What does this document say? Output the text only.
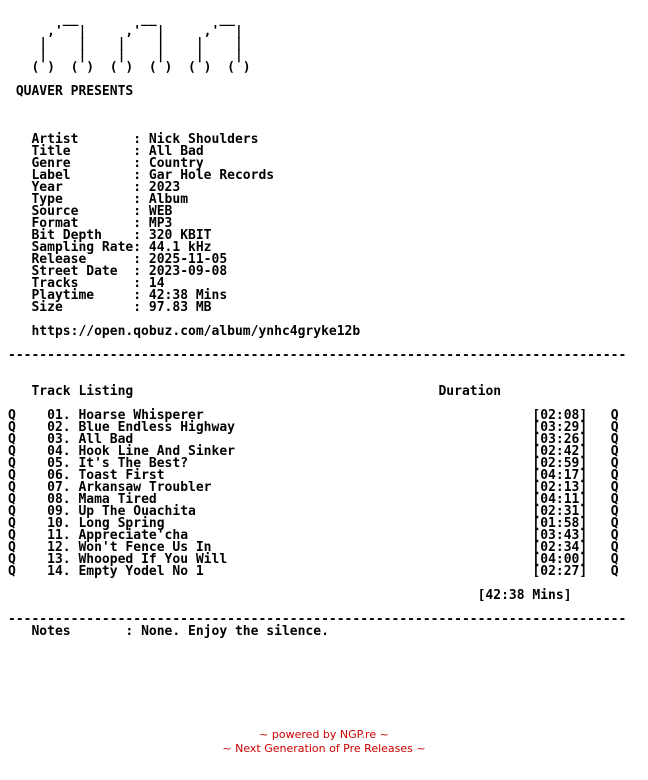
__        __        __
,'  |     ,'  |     ,'  |
|    |    |    |    |    |
|    |    |    |    |    |
( )  ( )  ( )  ( )  ( )  ( )

QUAVER PRESENTS

Artist       : Nick Shoulders
Title        : All Bad
Genre        : Country
Label        : Gar Hole Records
Year         : 2023
Type         : Album
Source       : WEB
Format       : MP3
Bit Depth    : 320 KBIT
Sampling Rate: 44.1 kHz
Release      : 2025-11-05
Street Date  : 2023-09-08
Tracks       : 14
Playtime     : 42:38 Mins
Size         : 97.83 MB

https://open.qobuz.com/album/ynhc4gryke12b

-------------------------------------------------------------------------------

Track Listing	Duration

Q 01. Hoarse Whisperer	[02:08] Q
Q 02. Blue Endless Highway	[03:29] Q
Q 03. All Bad	[03:26] Q
Q 04. Hook Line And Sinker	[02:42] Q
Q 05. It's The Best?	[02:59] Q
Q 06. Toast First	[04:17] Q
Q 07. Arkansaw Troubler	[02:13] Q
Q 08. Mama Tired	[04:11] Q
Q 09. Up The Ouachita	[02:31] Q
Q 10. Long Spring	[01:58] Q
Q 11. Appreciate'cha	[03:43] Q
Q 12. Won't Fence Us In	[02:34] Q
Q 13. Whooped If You Will	[04:00] Q
Q 14. Empty Yodel No 1	[02:27] Q

[42:38 Mins]

-------------------------------------------------------------------------------
Notes       : None. Enjoy the silence.
~ powered by NGP.re ~
~ Next Generation of Pre Releases ~
